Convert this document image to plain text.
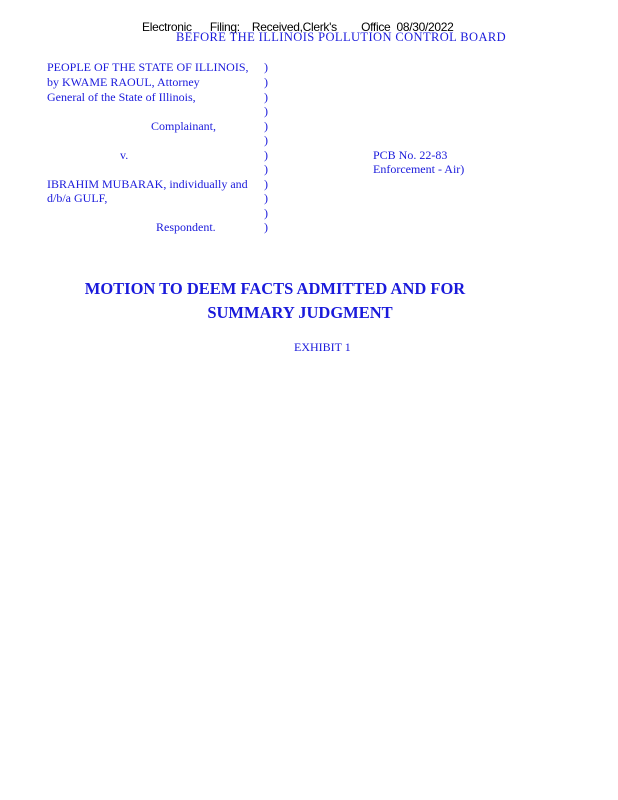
Electronic      Filing:    Received,Clerk's        Office  08/30/2022
BEFORE THE ILLINOIS POLLUTION CONTROL BOARD
PEOPLE OF THE STATE OF ILLINOIS,
by KWAME RAOUL, Attorney
General of the State of Illinois,
Complainant,
v.
IBRAHIM MUBARAK, individually and
d/b/a GULF,
Respondent.
)
)
)
)
)
)
)
)
)
)
)
)
PCB No. 22-83
Enforcement - Air)
MOTION TO DEEM FACTS ADMITTED AND FOR
SUMMARY JUDGMENT
EXHIBIT 1
